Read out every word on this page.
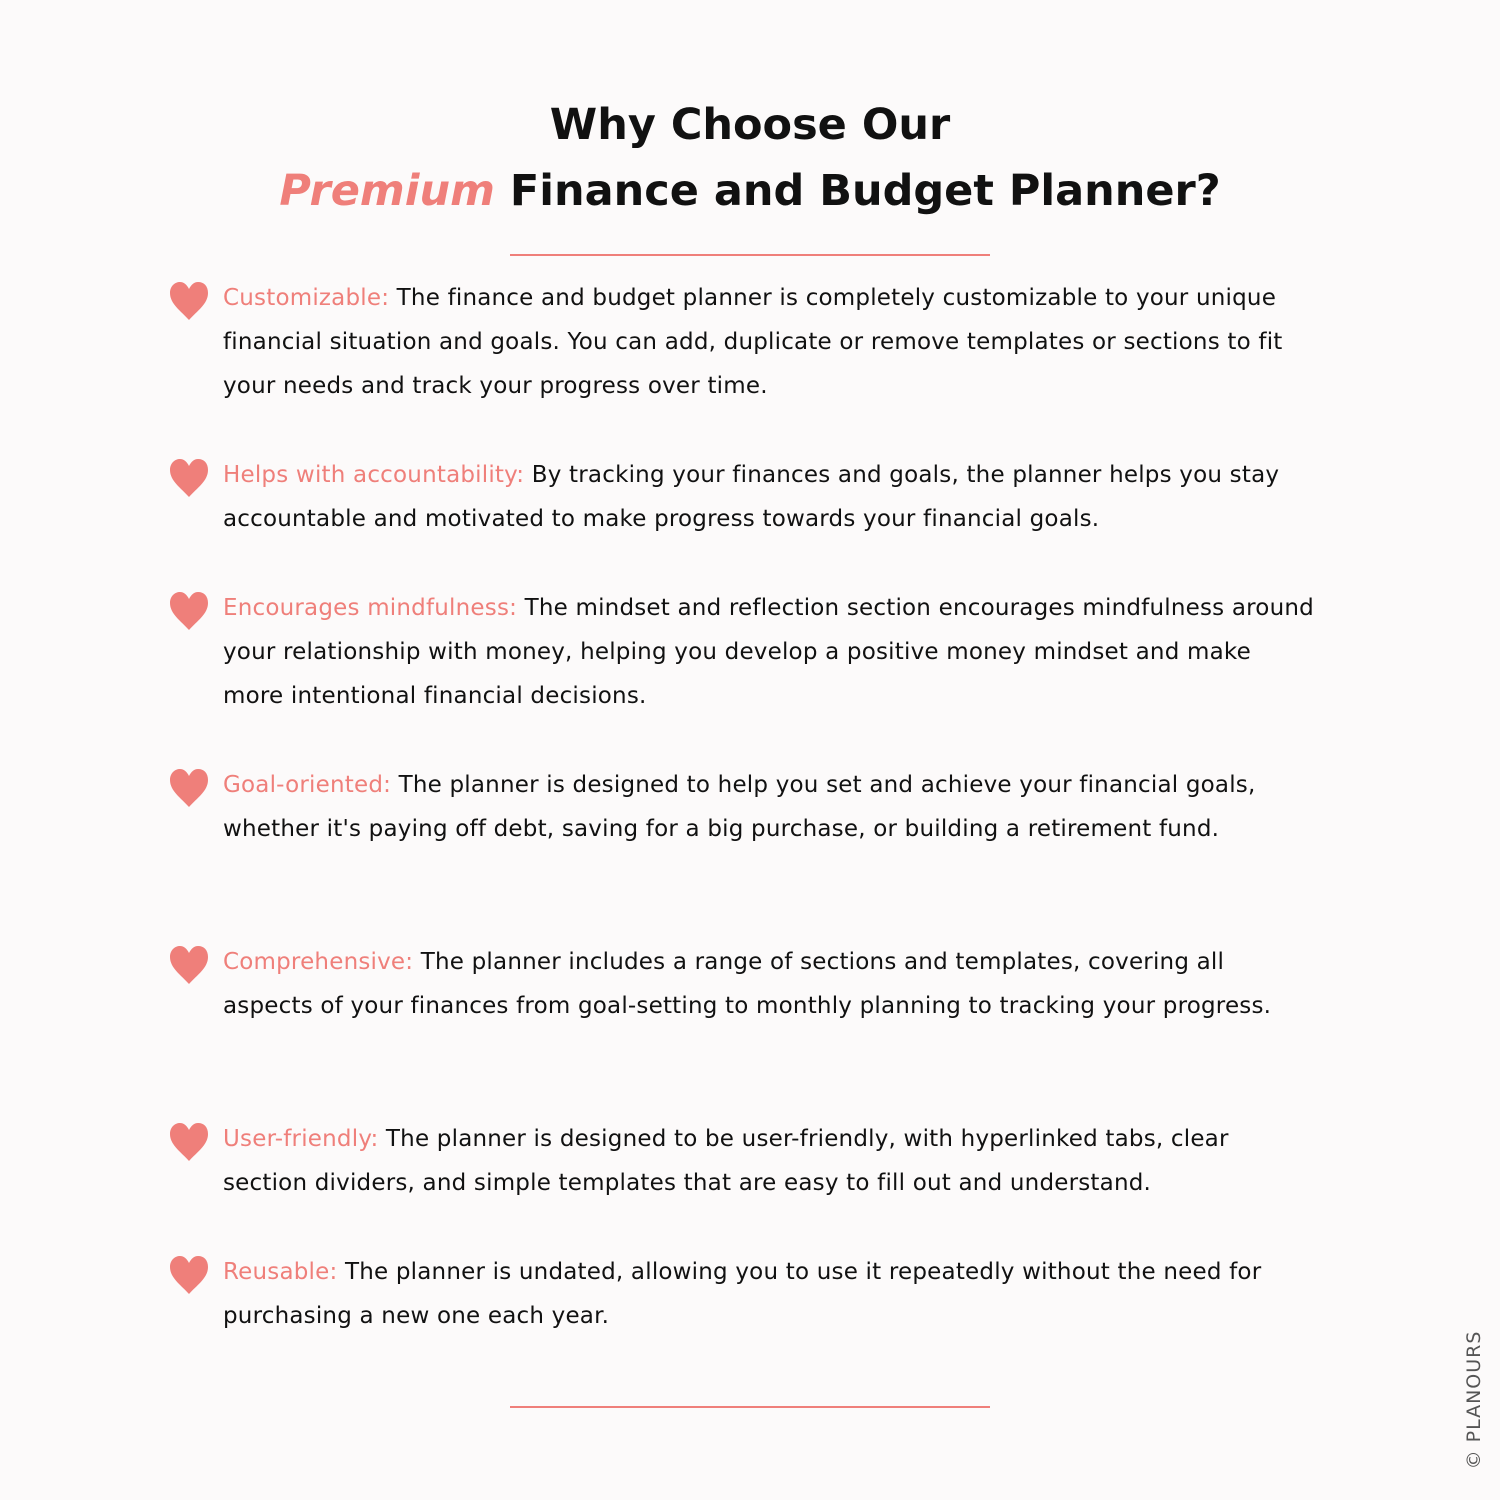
Why Choose Our
Premium Finance and Budget Planner?
Customizable: The finance and budget planner is completely customizable to your unique financial situation and goals. You can add, duplicate or remove templates or sections to fit your needs and track your progress over time.
Helps with accountability: By tracking your finances and goals, the planner helps you stay accountable and motivated to make progress towards your financial goals.
Encourages mindfulness: The mindset and reflection section encourages mindfulness around your relationship with money, helping you develop a positive money mindset and make more intentional financial decisions.
Goal-oriented: The planner is designed to help you set and achieve your financial goals, whether it's paying off debt, saving for a big purchase, or building a retirement fund.
Comprehensive: The planner includes a range of sections and templates, covering all aspects of your finances from goal-setting to monthly planning to tracking your progress.
User-friendly: The planner is designed to be user-friendly, with hyperlinked tabs, clear section dividers, and simple templates that are easy to fill out and understand.
Reusable: The planner is undated, allowing you to use it repeatedly without the need for purchasing a new one each year.
© PLANOURS
